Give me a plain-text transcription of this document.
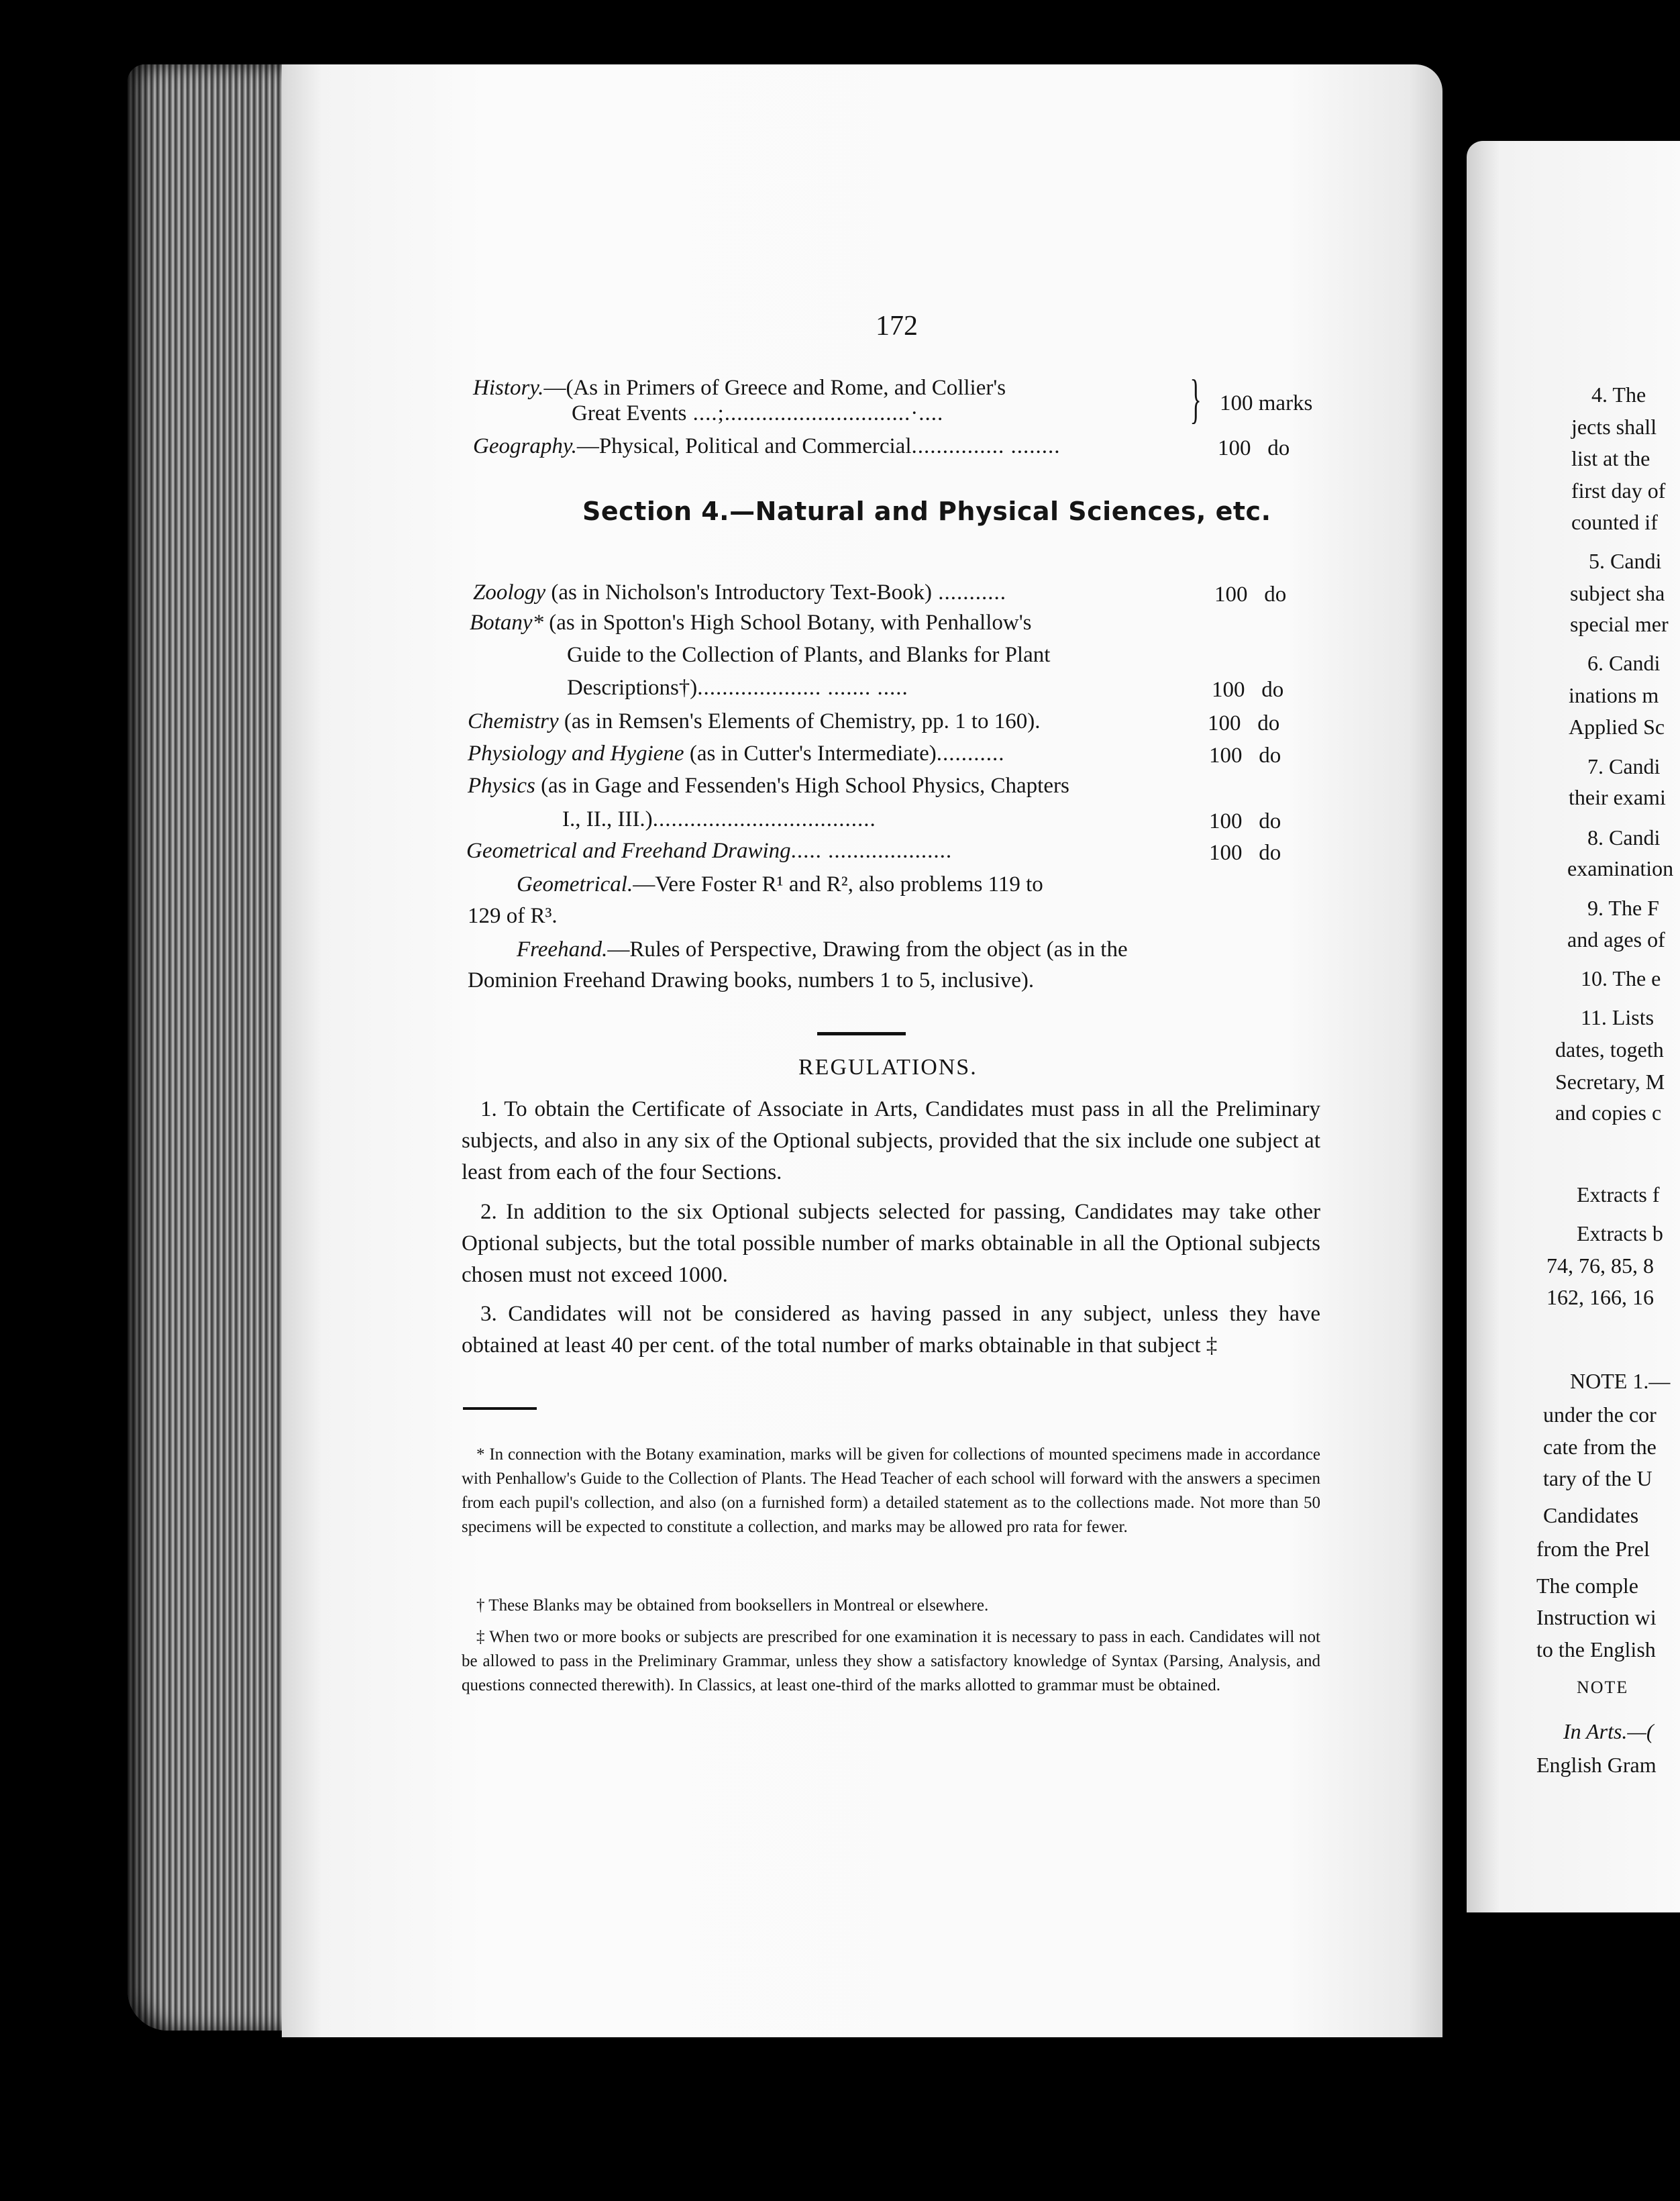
172
History.—(As in Primers of Greece and Rome, and Collier's
Great Events ....;..............................·....	} 100 marks
Geography.—Physical, Political and Commercial............... ........	100   do
Section 4.—Natural and Physical Sciences, etc.
Zoology (as in Nicholson's Introductory Text-Book) ...........	100   do
Botany* (as in Spotton's High School Botany, with Penhallow's
Guide to the Collection of Plants, and Blanks for Plant
Descriptions†).................... ....... .....	100   do
Chemistry (as in Remsen's Elements of Chemistry, pp. 1 to 160).	100   do
Physiology and Hygiene (as in Cutter's Intermediate)...........	100   do
Physics (as in Gage and Fessenden's High School Physics, Chapters
I., II., III.)....................................	100   do
Geometrical and Freehand Drawing..... ....................	100   do
Geometrical.—Vere Foster R¹ and R², also problems 119 to
129 of R³.
Freehand.—Rules of Perspective, Drawing from the object (as in the
Dominion Freehand Drawing books, numbers 1 to 5, inclusive).
REGULATIONS.
1. To obtain the Certificate of Associate in Arts, Candidates must pass in all the Preliminary subjects, and also in any six of the Optional subjects, provided that the six include one subject at least from each of the four Sections.
2. In addition to the six Optional subjects selected for passing, Candidates may take other Optional subjects, but the total possible number of marks obtainable in all the Optional subjects chosen must not exceed 1000.
3. Candidates will not be considered as having passed in any subject, unless they have obtained at least 40 per cent. of the total number of marks obtainable in that subject ‡
* In connection with the Botany examination, marks will be given for collections of mounted specimens made in accordance with Penhallow's Guide to the Collection of Plants. The Head Teacher of each school will forward with the answers a specimen from each pupil's collection, and also (on a furnished form) a detailed statement as to the collections made. Not more than 50 specimens will be expected to constitute a collection, and marks may be allowed pro rata for fewer.
† These Blanks may be obtained from booksellers in Montreal or elsewhere.
‡ When two or more books or subjects are prescribed for one examination it is necessary to pass in each. Candidates will not be allowed to pass in the Preliminary Grammar, unless they show a satisfactory knowledge of Syntax (Parsing, Analysis, and questions connected therewith). In Classics, at least one-third of the marks allotted to grammar must be obtained.
4. The
jects shall
list at the
first day of
counted if
5. Candi
subject sha
special mer
6. Candi
inations m
Applied Sc
7. Candi
their exami
8. Candi
examination
9. The F
and ages of
10. The e
11. Lists
dates, togeth
Secretary, M
and copies c
Extracts f
Extracts b
74, 76, 85, 8
162, 166, 16
NOTE 1.—
under the cor
cate from the
tary of the U
Candidates
from the Prel
The comple
Instruction wi
to the English
NOTE
In Arts.—(
English Gram
